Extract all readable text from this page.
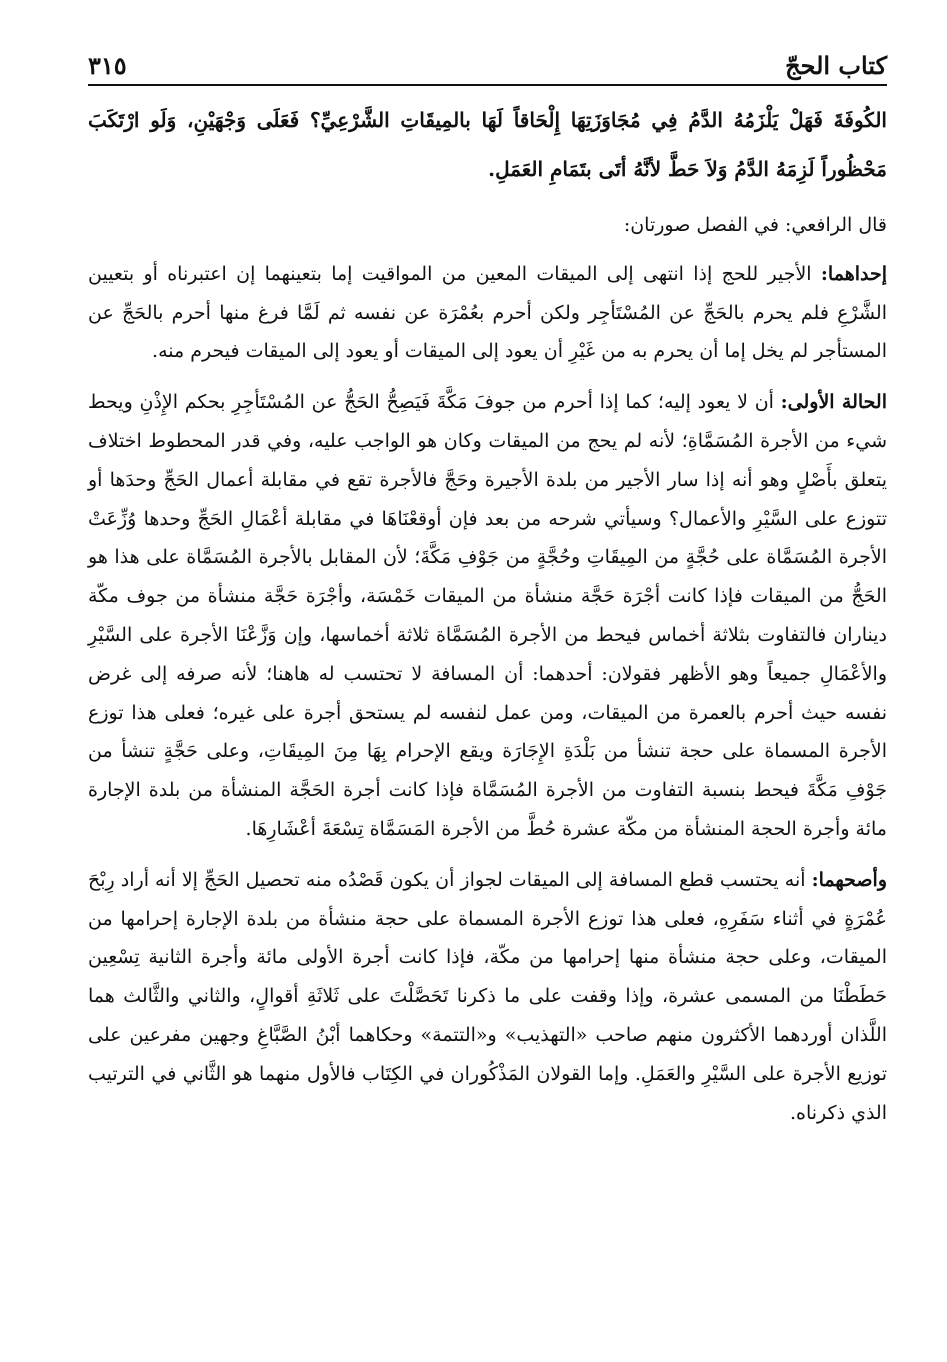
كتاب الحجّ
٣١٥

الكُوفَةَ فَهَلْ يَلْزَمُهُ الدَّمُ فِي مُجَاوَزَتِهَا إِلْحَاقاً لَهَا بالمِيقَاتِ الشَّرْعِيِّ؟ فَعَلَى وَجْهَيْنِ، وَلَو ارْتَكَبَ مَحْظُوراً لَزِمَهُ الدَّمُ وَلاَ حَطَّ لأنَّهُ أتَى بتَمَامِ العَمَلِ.

قال الرافعي: في الفصل صورتان:

إحداهما: الأجير للحج إذا انتهى إلى الميقات المعين من المواقيت إما بتعينهما إن اعتبرناه أو بتعيين الشَّرْعِ فلم يحرم بالحَجِّ عن المُسْتَأجِر ولكن أحرم بعُمْرَة عن نفسه ثم لَمَّا فرغ منها أحرم بالحَجِّ عن المستأجر لم يخل إما أن يحرم به من غَيْرِ أن يعود إلى الميقات أو يعود إلى الميقات فيحرم منه.

الحالة الأولى: أن لا يعود إليه؛ كما إذا أحرم من جوفَ مَكَّةَ فَيَصِحُّ الحَجُّ عن المُسْتَأجِرِ بحكم الإِذْنِ ويحط شيء من الأجرة المُسَمَّاةِ؛ لأنه لم يحج من الميقات وكان هو الواجب عليه، وفي قدر المحطوط اختلاف يتعلق بأَصْلٍ وهو أنه إذا سار الأجير من بلدة الأجيرة وحَجَّ فالأجرة تقع في مقابلة أعمال الحَجِّ وحدَها أو تتوزع على السَّيْرِ والأعمال؟ وسيأتي شرحه من بعد فإن أوقعْنَاهَا في مقابلة أعْمَالِ الحَجِّ وحدها وُزِّعَتْ الأجرة المُسَمَّاة على حُجَّةٍ من المِيقَاتِ وحُجَّةٍ من جَوْفِ مَكَّةَ؛ لأن المقابل بالأجرة المُسَمَّاة على هذا هو الحَجُّ من الميقات فإذا كانت أجْرَة حَجَّة منشأة من الميقات خَمْسَة، وأجْرَة حَجَّة منشأة من جوف مكّة ديناران فالتفاوت بثلاثة أخماس فيحط من الأجرة المُسَمَّاة ثلاثة أخماسها، وإن وَزَّعْنَا الأجرة على السَّيْرِ والأعْمَالِ جميعاً وهو الأظهر فقولان: أحدهما: أن المسافة لا تحتسب له هاهنا؛ لأنه صرفه إلى غرض نفسه حيث أحرم بالعمرة من الميقات، ومن عمل لنفسه لم يستحق أجرة على غيره؛ فعلى هذا توزع الأجرة المسماة على حجة تنشأ من بَلْدَةِ الإِجَارَة ويقع الإحرام بِهَا مِنَ المِيقَاتِ، وعلى حَجَّةٍ تنشأ من جَوْفِ مَكَّةَ فيحط بنسبة التفاوت من الأجرة المُسَمَّاة فإذا كانت أجرة الحَجَّة المنشأة من بلدة الإجارة مائة وأجرة الحجة المنشأة من مكّة عشرة حُطَّ من الأجرة المَسَمَّاة تِسْعَةَ أعْشَارِهَا.

وأصحهما: أنه يحتسب قطع المسافة إلى الميقات لجواز أن يكون قَصْدُه منه تحصيل الحَجِّ إلا أنه أراد رِبْحَ عُمْرَةٍ في أثناء سَفَرِهِ، فعلى هذا توزع الأجرة المسماة على حجة منشأة من بلدة الإجارة إحرامها من الميقات، وعلى حجة منشأة منها إحرامها من مكّة، فإذا كانت أجرة الأولى مائة وأجرة الثانية تِسْعِين حَطَطْنَا من المسمى عشرة، وإذا وقفت على ما ذكرنا تَحَصَّلْتَ على ثَلاثَةِ أقوالٍ، والثاني والثَّالث هما اللَّذان أوردهما الأكثرون منهم صاحب «التهذيب» و«التتمة» وحكاهما أبْنُ الصَّبَّاغِ وجهين مفرعين على توزيع الأجرة على السَّيْرِ والعَمَلِ. وإما القولان المَذْكُوران في الكِتَاب فالأول منهما هو الثَّاني في الترتيب الذي ذكرناه.
